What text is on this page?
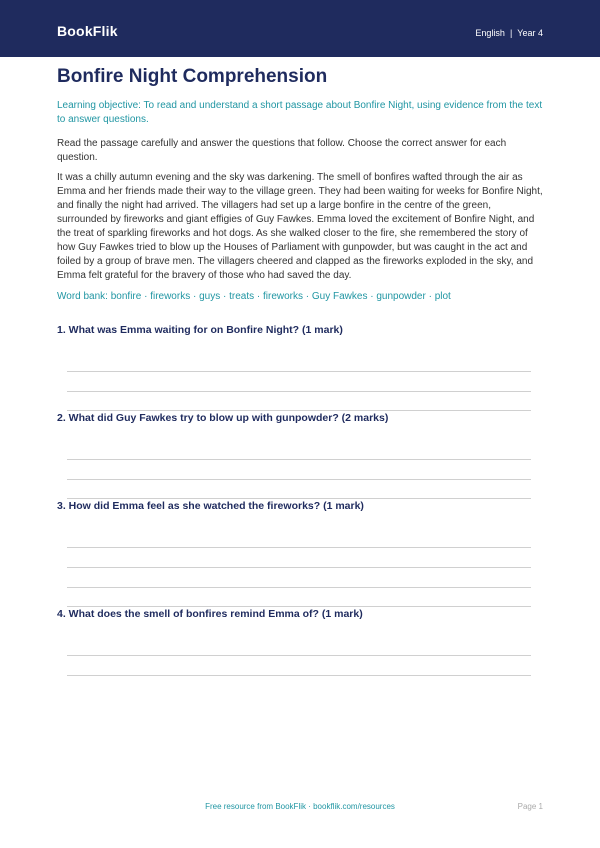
BookFlik	English | Year 4
Bonfire Night Comprehension
Learning objective: To read and understand a short passage about Bonfire Night, using evidence from the text to answer questions.
Read the passage carefully and answer the questions that follow. Choose the correct answer for each question.
It was a chilly autumn evening and the sky was darkening. The smell of bonfires wafted through the air as Emma and her friends made their way to the village green. They had been waiting for weeks for Bonfire Night, and finally the night had arrived. The villagers had set up a large bonfire in the centre of the green, surrounded by fireworks and giant effigies of Guy Fawkes. Emma loved the excitement of Bonfire Night, and the treat of sparkling fireworks and hot dogs. As she walked closer to the fire, she remembered the story of how Guy Fawkes tried to blow up the Houses of Parliament with gunpowder, but was caught in the act and foiled by a group of brave men. The villagers cheered and clapped as the fireworks exploded in the sky, and Emma felt grateful for the bravery of those who had saved the day.
Word bank: bonfire · fireworks · guys · treats · fireworks · Guy Fawkes · gunpowder · plot
1. What was Emma waiting for on Bonfire Night? (1 mark)
2. What did Guy Fawkes try to blow up with gunpowder? (2 marks)
3. How did Emma feel as she watched the fireworks? (1 mark)
4. What does the smell of bonfires remind Emma of? (1 mark)
Free resource from BookFlik · bookflik.com/resources	Page 1
